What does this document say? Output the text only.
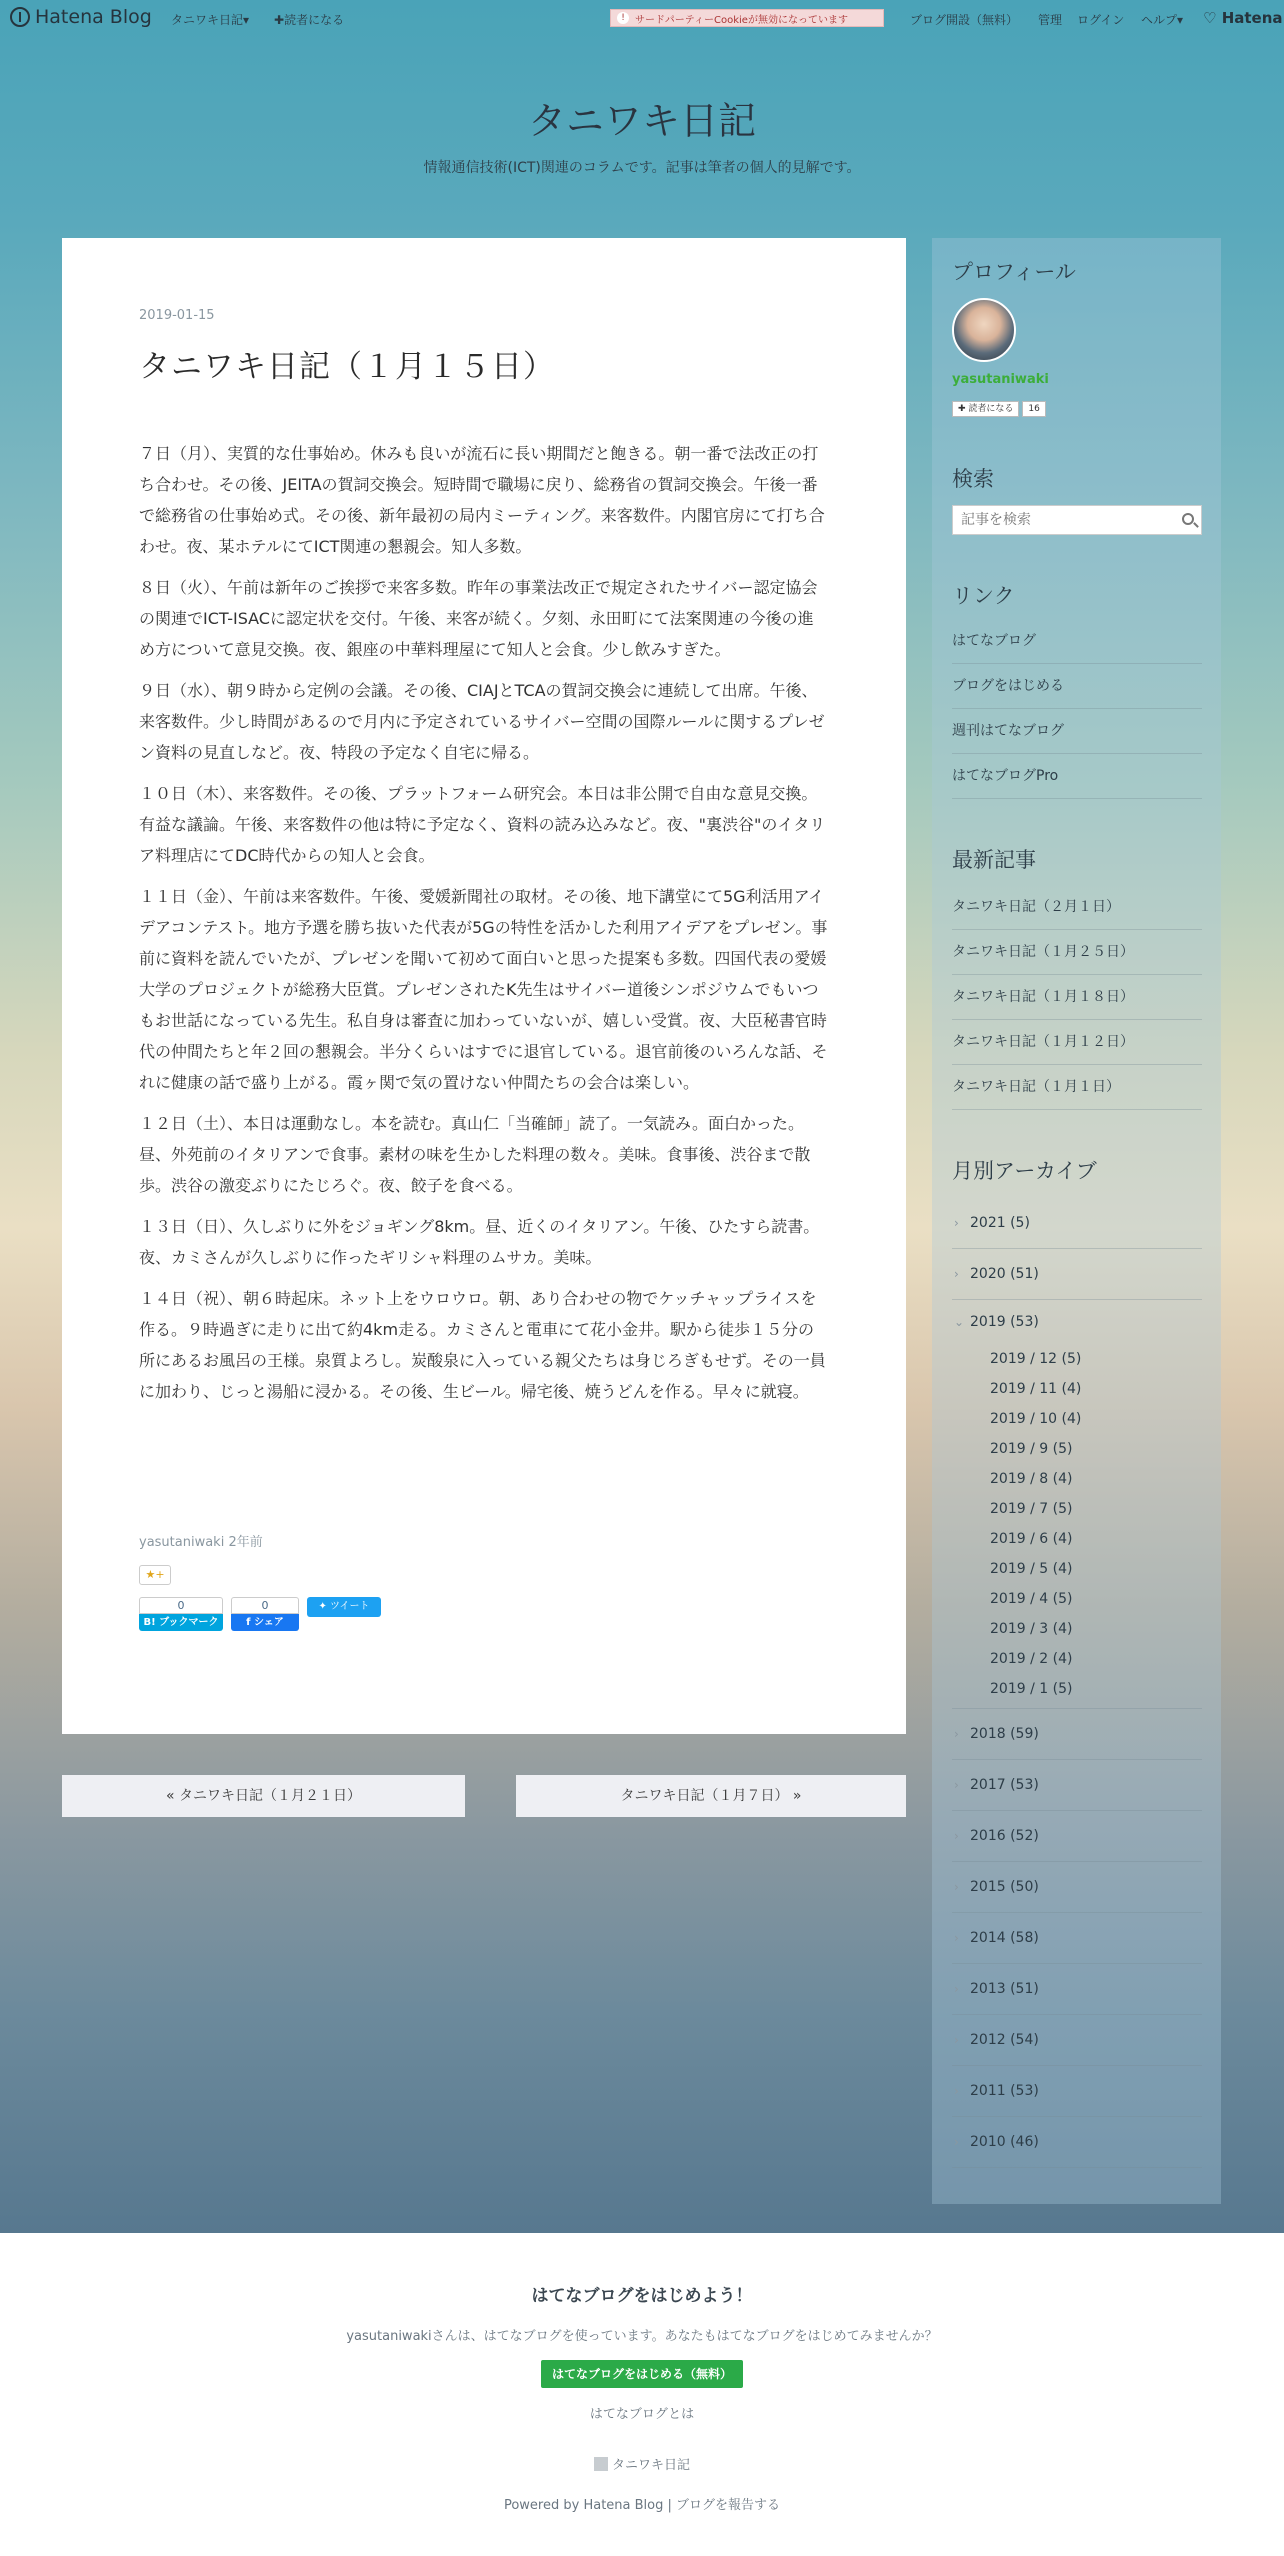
Hatena Blog タニワキ日記▾ ✚読者になる	!	サードパーティーCookieが無効になっています	ブログ開設（無料） 管理 ログイン ヘルプ▾ ♡ Hatena
タニワキ日記
情報通信技術(ICT)関連のコラムです。記事は筆者の個人的見解です。
2019-01-15
タニワキ日記（１月１５日）

７日（月）、実質的な仕事始め。休みも良いが流石に長い期間だと飽きる。朝一番で法改正の打ち合わせ。その後、JEITAの賀詞交換会。短時間で職場に戻り、総務省の賀詞交換会。午後一番で総務省の仕事始め式。その後、新年最初の局内ミーティング。来客数件。内閣官房にて打ち合わせ。夜、某ホテルにてICT関連の懇親会。知人多数。

８日（火）、午前は新年のご挨拶で来客多数。昨年の事業法改正で規定されたサイバー認定協会の関連でICT-ISACに認定状を交付。午後、来客が続く。夕刻、永田町にて法案関連の今後の進め方について意見交換。夜、銀座の中華料理屋にて知人と会食。少し飲みすぎた。

９日（水）、朝９時から定例の会議。その後、CIAJとTCAの賀詞交換会に連続して出席。午後、来客数件。少し時間があるので月内に予定されているサイバー空間の国際ルールに関するプレゼン資料の見直しなど。夜、特段の予定なく自宅に帰る。

１０日（木）、来客数件。その後、プラットフォーム研究会。本日は非公開で自由な意見交換。有益な議論。午後、来客数件の他は特に予定なく、資料の読み込みなど。夜、"裏渋谷"のイタリア料理店にてDC時代からの知人と会食。

１１日（金）、午前は来客数件。午後、愛媛新聞社の取材。その後、地下講堂にて5G利活用アイデアコンテスト。地方予選を勝ち抜いた代表が5Gの特性を活かした利用アイデアをプレゼン。事前に資料を読んでいたが、プレゼンを聞いて初めて面白いと思った提案も多数。四国代表の愛媛大学のプロジェクトが総務大臣賞。プレゼンされたK先生はサイバー道後シンポジウムでもいつもお世話になっている先生。私自身は審査に加わっていないが、嬉しい受賞。夜、大臣秘書官時代の仲間たちと年２回の懇親会。半分くらいはすでに退官している。退官前後のいろんな話、それに健康の話で盛り上がる。霞ヶ関で気の置けない仲間たちの会合は楽しい。

１２日（土）、本日は運動なし。本を読む。真山仁「当確師」読了。一気読み。面白かった。昼、外苑前のイタリアンで食事。素材の味を生かした料理の数々。美味。食事後、渋谷まで散歩。渋谷の激変ぶりにたじろぐ。夜、餃子を食べる。

１３日（日）、久しぶりに外をジョギング8km。昼、近くのイタリアン。午後、ひたすら読書。夜、カミさんが久しぶりに作ったギリシャ料理のムサカ。美味。

１４日（祝）、朝６時起床。ネット上をウロウロ。朝、あり合わせの物でケッチャップライスを作る。９時過ぎに走りに出て約4km走る。カミさんと電車にて花小金井。駅から徒歩１５分の所にあるお風呂の王様。泉質よろし。炭酸泉に入っている親父たちは身じろぎもせず。その一員に加わり、じっと湯船に浸かる。その後、生ビール。帰宅後、焼うどんを作る。早々に就寝。

yasutaniwaki 2年前
★+
0
B! ブックマーク
0
f シェア
✦ ツイート
« タニワキ日記（１月２１日）	タニワキ日記（１月７日） »
プロフィール
yasutaniwaki
✚ 読者になる	16
検索
記事を検索
リンク
はてなブログ
ブログをはじめる
週刊はてなブログ
はてなブログPro
最新記事
タニワキ日記（２月１日）
タニワキ日記（１月２５日）
タニワキ日記（１月１８日）
タニワキ日記（１月１２日）
タニワキ日記（１月１日）
月別アーカイブ
› 2021 (5)
› 2020 (51)
⌄ 2019 (53)
2019 / 12 (5)
2019 / 11 (4)
2019 / 10 (4)
2019 / 9 (5)
2019 / 8 (4)
2019 / 7 (5)
2019 / 6 (4)
2019 / 5 (4)
2019 / 4 (5)
2019 / 3 (4)
2019 / 2 (4)
2019 / 1 (5)
› 2018 (59)
› 2017 (53)
› 2016 (52)
› 2015 (50)
› 2014 (58)
› 2013 (51)
› 2012 (54)
› 2011 (53)
› 2010 (46)
はてなブログをはじめよう！
yasutaniwakiさんは、はてなブログを使っています。あなたもはてなブログをはじめてみませんか？
はてなブログをはじめる（無料）
はてなブログとは
タニワキ日記
Powered by Hatena Blog | ブログを報告する
